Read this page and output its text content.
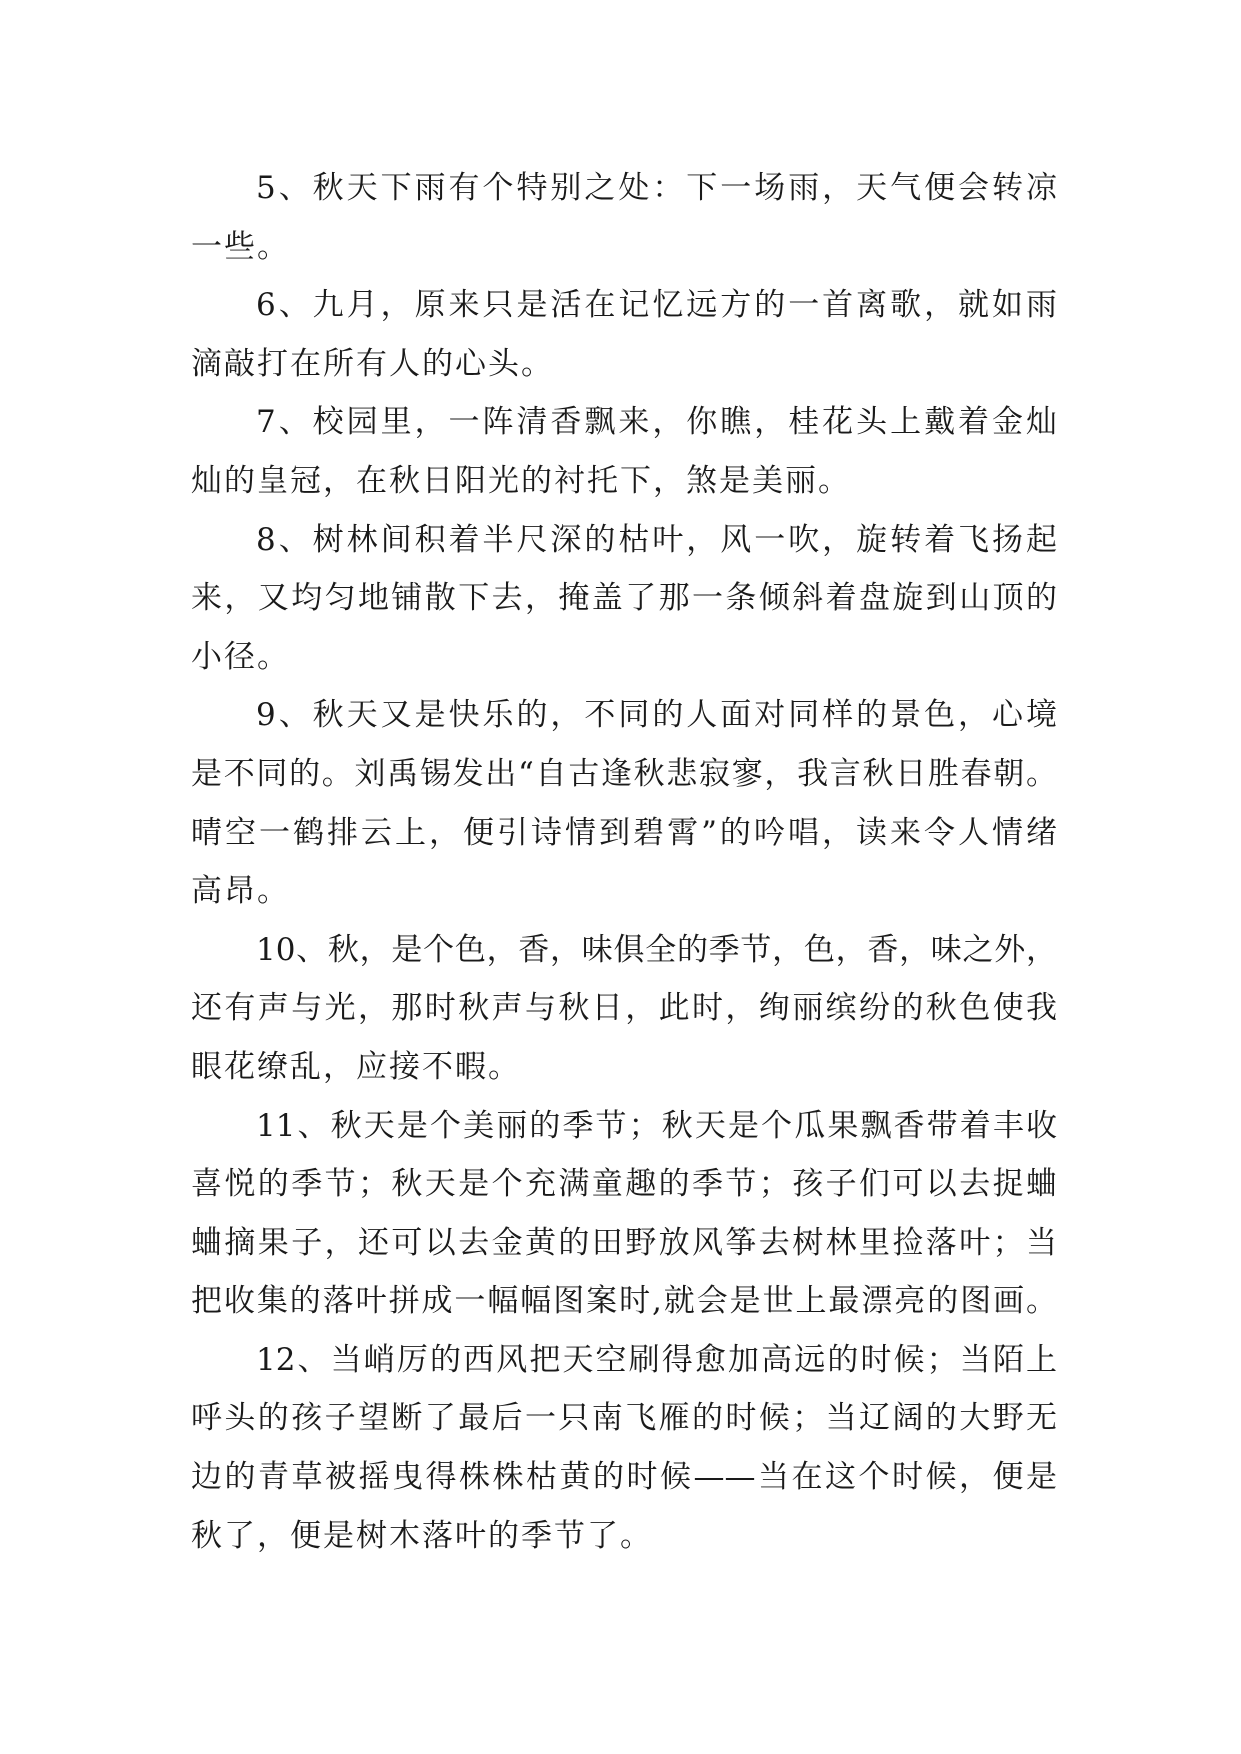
5、秋天下雨有个特别之处：下一场雨，天气便会转凉
一些。
6、九月，原来只是活在记忆远方的一首离歌，就如雨
滴敲打在所有人的心头。
7、校园里，一阵清香飘来，你瞧，桂花头上戴着金灿
灿的皇冠，在秋日阳光的衬托下，煞是美丽。
8、树林间积着半尺深的枯叶，风一吹，旋转着飞扬起
来，又均匀地铺散下去，掩盖了那一条倾斜着盘旋到山顶的
小径。
9、秋天又是快乐的，不同的人面对同样的景色，心境
是不同的。刘禹锡发出“自古逢秋悲寂寥，我言秋日胜春朝。
晴空一鹤排云上，便引诗情到碧霄”的吟唱，读来令人情绪
高昂。
10、秋，是个色，香，味俱全的季节，色，香，味之外，
还有声与光，那时秋声与秋日，此时，绚丽缤纷的秋色使我
眼花缭乱，应接不暇。
11、秋天是个美丽的季节；秋天是个瓜果飘香带着丰收
喜悦的季节；秋天是个充满童趣的季节；孩子们可以去捉蛐
蛐摘果子，还可以去金黄的田野放风筝去树林里捡落叶；当
把收集的落叶拼成一幅幅图案时,就会是世上最漂亮的图画。
12、当峭厉的西风把天空刷得愈加高远的时候；当陌上
呼头的孩子望断了最后一只南飞雁的时候；当辽阔的大野无
边的青草被摇曳得株株枯黄的时候——当在这个时候，便是
秋了，便是树木落叶的季节了。
